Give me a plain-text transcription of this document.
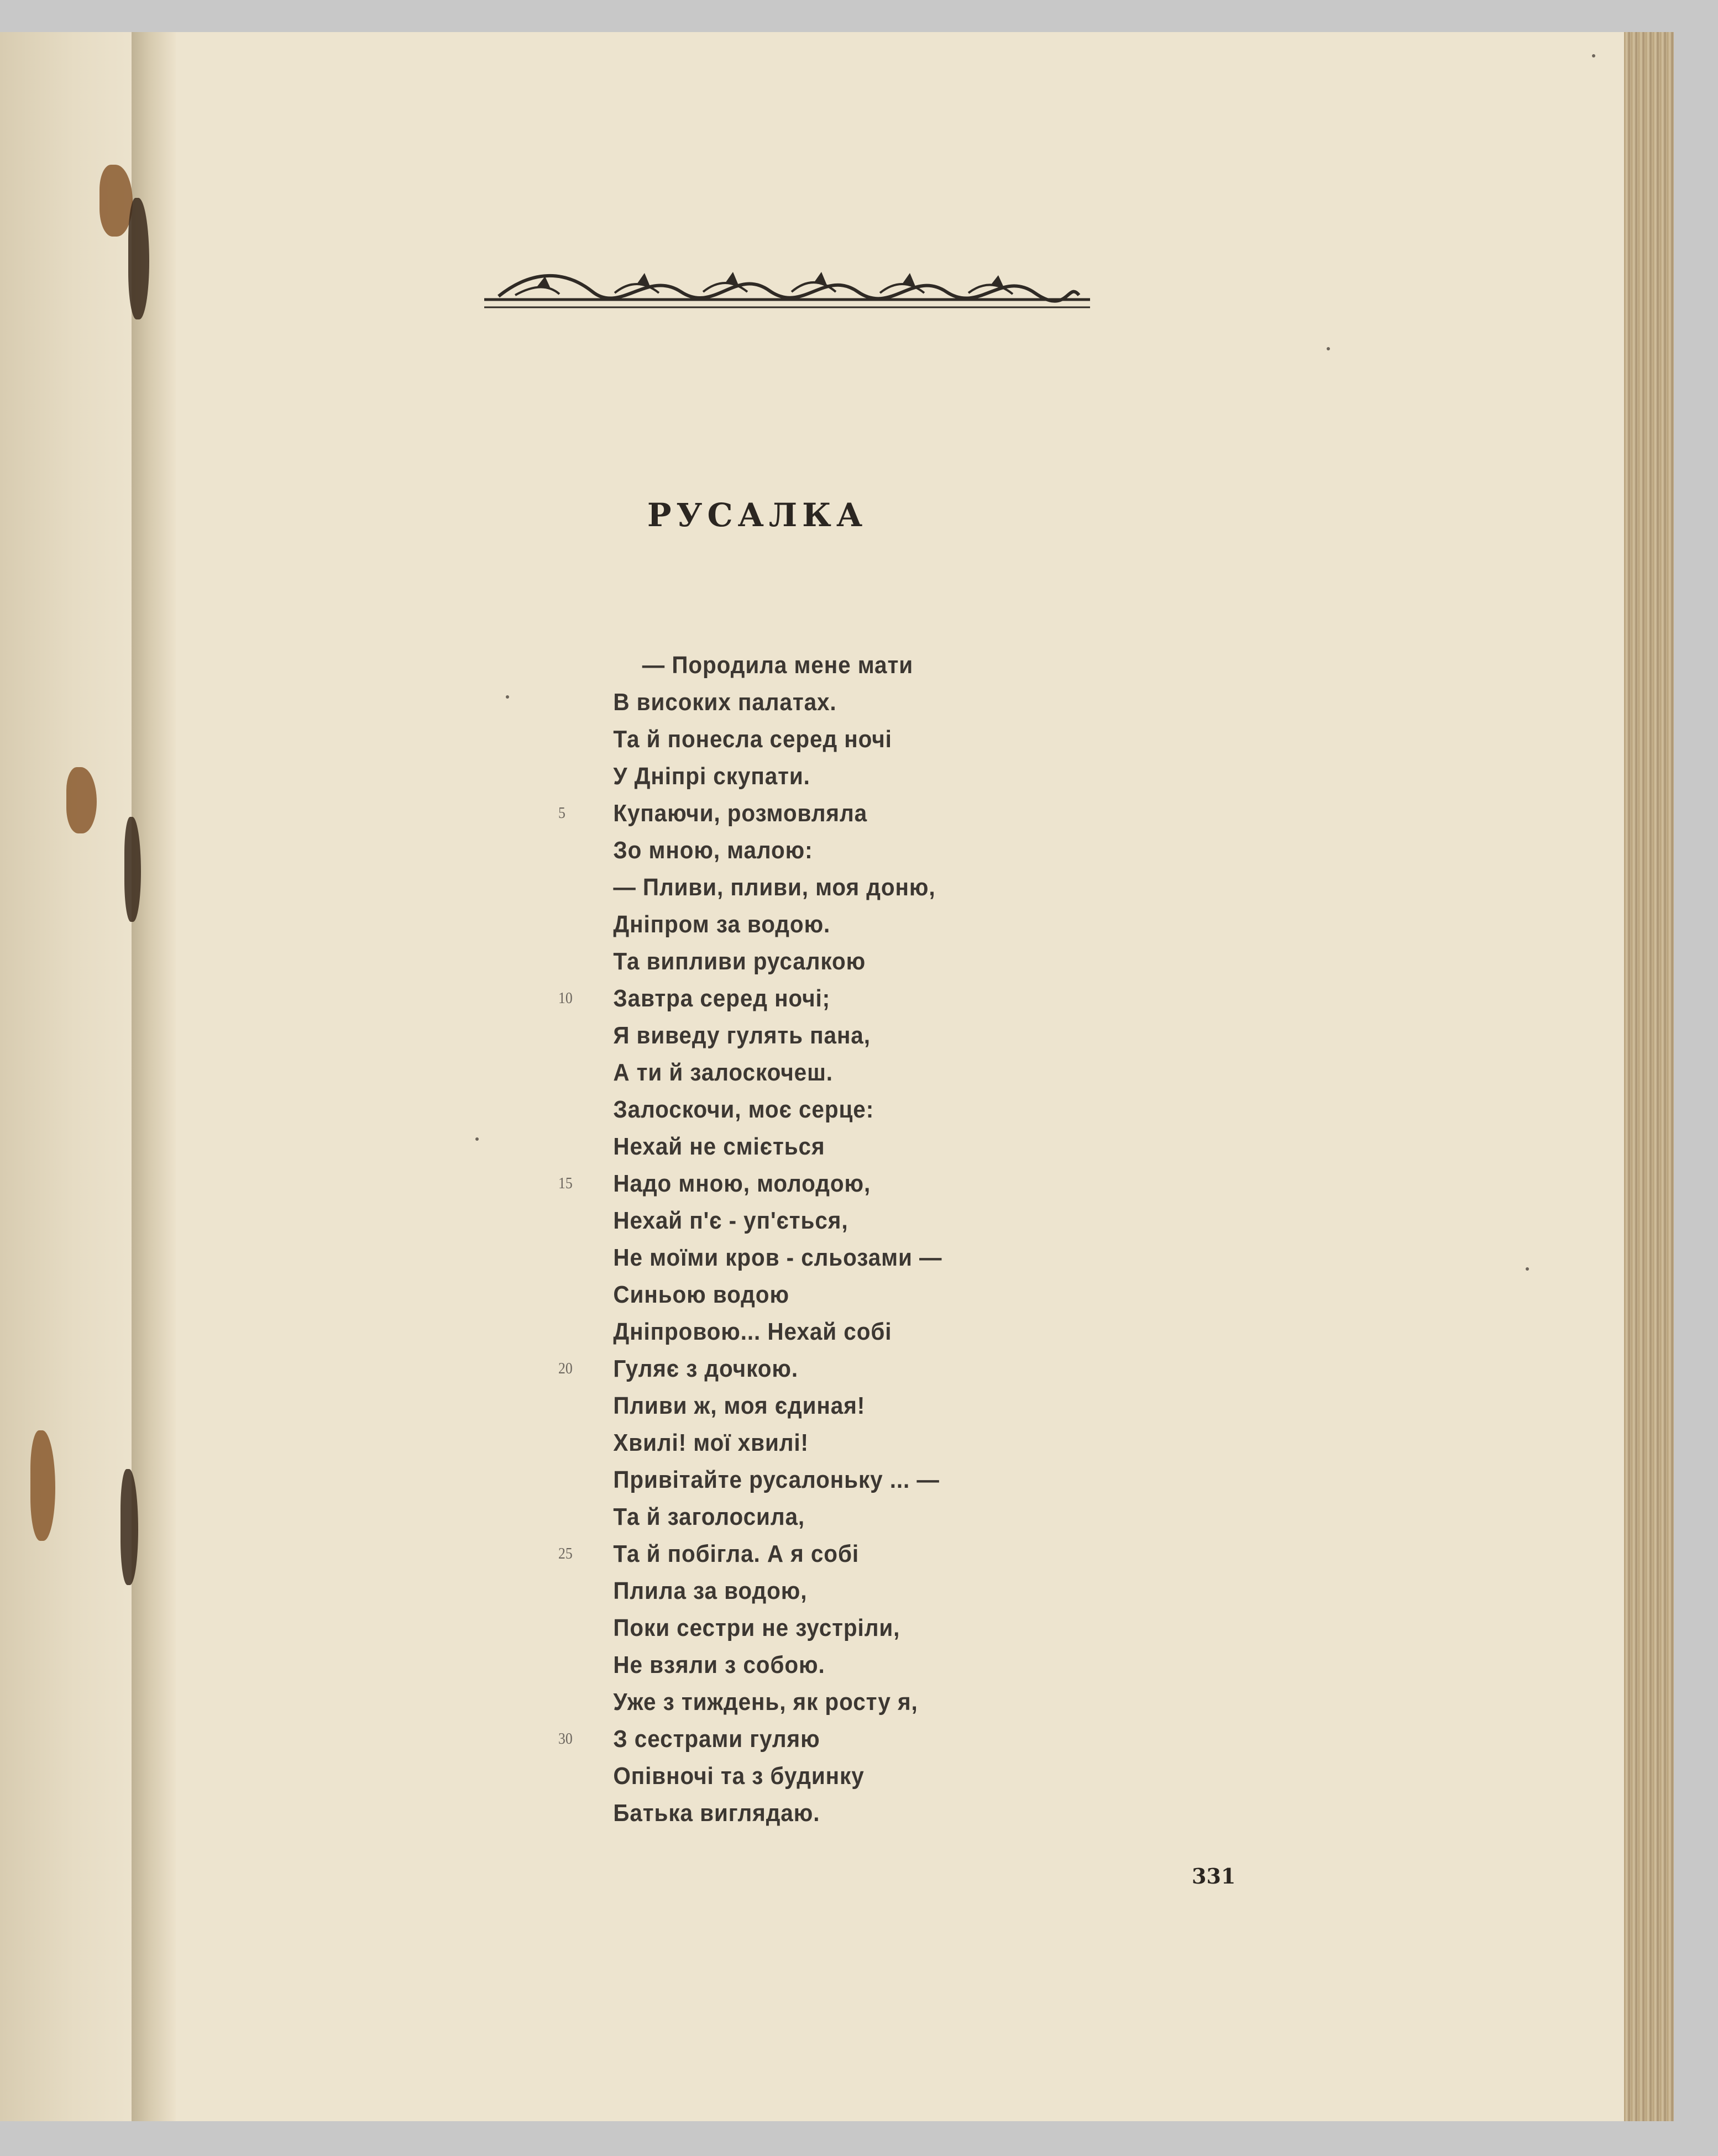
РУСАЛКА
— Породила мене мати
В високих палатах.
Та й понесла серед ночі
У Дніпрі скупати.
5	Купаючи, розмовляла
Зо мною, малою:
— Пливи, пливи, моя доню,
Дніпром за водою.
Та випливи русалкою
10	Завтра серед ночі;
Я виведу гулять пана,
А ти й залоскочеш.
Залоскочи, моє серце:
Нехай не сміється
15	Надо мною, молодою,
Нехай п'є - уп'ється,
Не моїми кров - сльозами —
Синьою водою
Дніпровою... Нехай собі
20	Гуляє з дочкою.
Пливи ж, моя єдиная!
Хвилі! мої хвилі!
Привітайте русалоньку ... —
Та й заголосила,
25	Та й побігла. А я собі
Плила за водою,
Поки сестри не зустріли,
Не взяли з собою.
Уже з тиждень, як росту я,
30	З сестрами гуляю
Опівночі та з будинку
Батька виглядаю.
331
